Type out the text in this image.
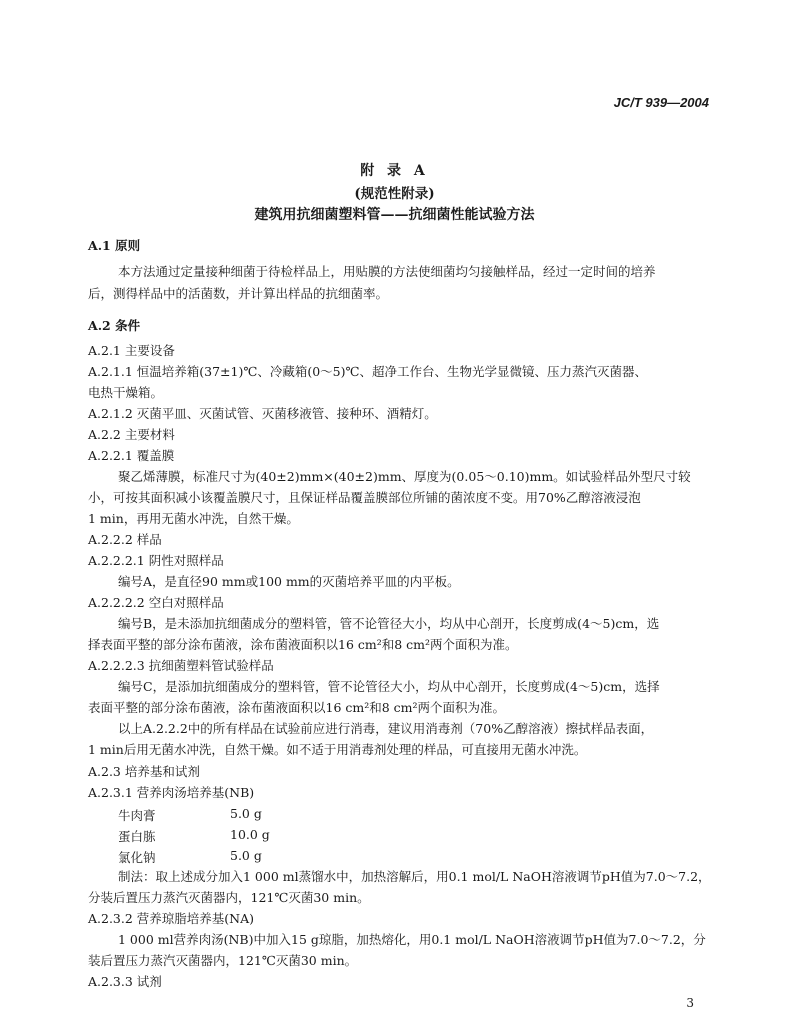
JC/T 939—2004
附 录 A
(规范性附录)
建筑用抗细菌塑料管——抗细菌性能试验方法
A.1 原则
本方法通过定量接种细菌于待检样品上，用贴膜的方法使细菌均匀接触样品，经过一定时间的培养
后，测得样品中的活菌数，并计算出样品的抗细菌率。
A.2 条件
A.2.1 主要设备
A.2.1.1 恒温培养箱(37±1)℃、冷藏箱(0～5)℃、超净工作台、生物光学显微镜、压力蒸汽灭菌器、
电热干燥箱。
A.2.1.2 灭菌平皿、灭菌试管、灭菌移液管、接种环、酒精灯。
A.2.2 主要材料
A.2.2.1 覆盖膜
聚乙烯薄膜，标准尺寸为(40±2)mm×(40±2)mm、厚度为(0.05～0.10)mm。如试验样品外型尺寸较
小，可按其面积减小该覆盖膜尺寸，且保证样品覆盖膜部位所铺的菌浓度不变。用70%乙醇溶液浸泡
1 min，再用无菌水冲洗，自然干燥。
A.2.2.2 样品
A.2.2.2.1 阴性对照样品
编号A，是直径90 mm或100 mm的灭菌培养平皿的内平板。
A.2.2.2.2 空白对照样品
编号B，是未添加抗细菌成分的塑料管，管不论管径大小，均从中心剖开，长度剪成(4～5)cm，选
择表面平整的部分涂布菌液，涂布菌液面积以16 cm²和8 cm²两个面积为准。
A.2.2.2.3 抗细菌塑料管试验样品
编号C，是添加抗细菌成分的塑料管，管不论管径大小，均从中心剖开，长度剪成(4～5)cm，选择
表面平整的部分涂布菌液，涂布菌液面积以16 cm²和8 cm²两个面积为准。
以上A.2.2.2中的所有样品在试验前应进行消毒，建议用消毒剂（70%乙醇溶液）擦拭样品表面，
1 min后用无菌水冲洗，自然干燥。如不适于用消毒剂处理的样品，可直接用无菌水冲洗。
A.2.3 培养基和试剂
A.2.3.1 营养肉汤培养基(NB)
牛肉膏	5.0 g
蛋白胨	10.0 g
氯化钠	5.0 g
制法：取上述成分加入1 000 ml蒸馏水中，加热溶解后，用0.1 mol/L NaOH溶液调节pH值为7.0～7.2，
分装后置压力蒸汽灭菌器内，121℃灭菌30 min。
A.2.3.2 营养琼脂培养基(NA)
1 000 ml营养肉汤(NB)中加入15 g琼脂，加热熔化，用0.1 mol/L NaOH溶液调节pH值为7.0～7.2，分
装后置压力蒸汽灭菌器内，121℃灭菌30 min。
A.2.3.3 试剂
3
